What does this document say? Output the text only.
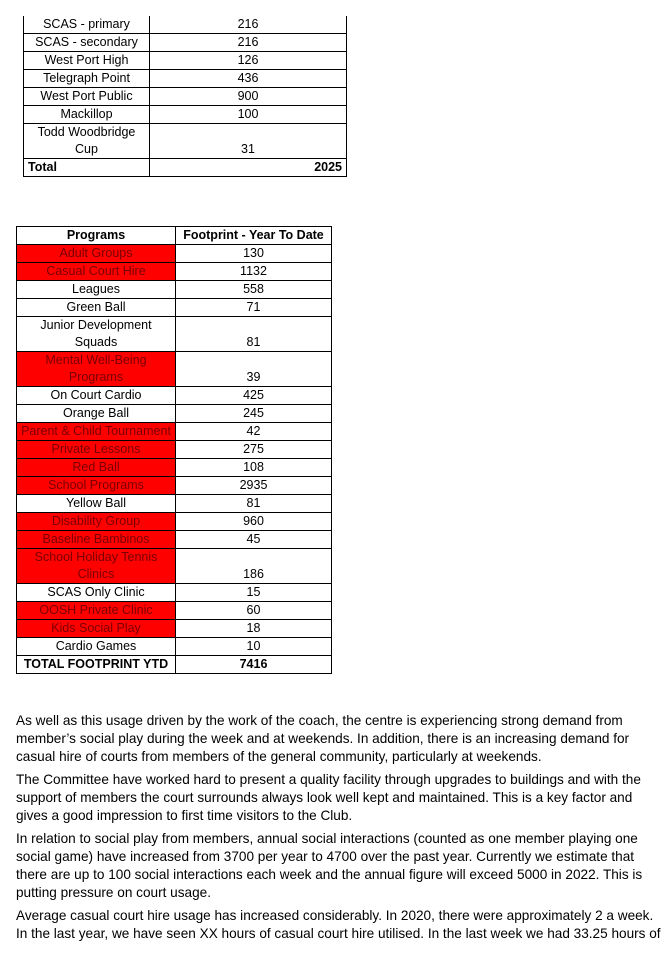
SCAS - primary	216
SCAS - secondary	216
West Port High	126
Telegraph Point	436
West Port Public	900
Mackillop	100
Todd Woodbridge Cup	31
Total	2025
Programs	Footprint - Year To Date
Adult Groups	130
Casual Court Hire	1132
Leagues	558
Green Ball	71
Junior Development Squads	81
Mental Well-Being Programs	39
On Court Cardio	425
Orange Ball	245
Parent & Child Tournament	42
Private Lessons	275
Red Ball	108
School Programs	2935
Yellow Ball	81
Disability Group	960
Baseline Bambinos	45
School Holiday Tennis Clinics	186
SCAS Only Clinic	15
OOSH Private Clinic	60
Kids Social Play	18
Cardio Games	10
TOTAL FOOTPRINT YTD	7416

As well as this usage driven by the work of the coach, the centre is experiencing strong demand from member’s social play during the week and at weekends. In addition, there is an increasing demand for casual hire of courts from members of the general community, particularly at weekends.

The Committee have worked hard to present a quality facility through upgrades to buildings and with the support of members the court surrounds always look well kept and maintained. This is a key factor and gives a good impression to first time visitors to the Club.

In relation to social play from members, annual social interactions (counted as one member playing one social game) have increased from 3700 per year to 4700 over the past year. Currently we estimate that there are up to 100 social interactions each week and the annual figure will exceed 5000 in 2022. This is putting pressure on court usage.

Average casual court hire usage has increased considerably. In 2020, there were approximately 2 a week. In the last year, we have seen XX hours of casual court hire utilised. In the last week we had 33.25 hours of
